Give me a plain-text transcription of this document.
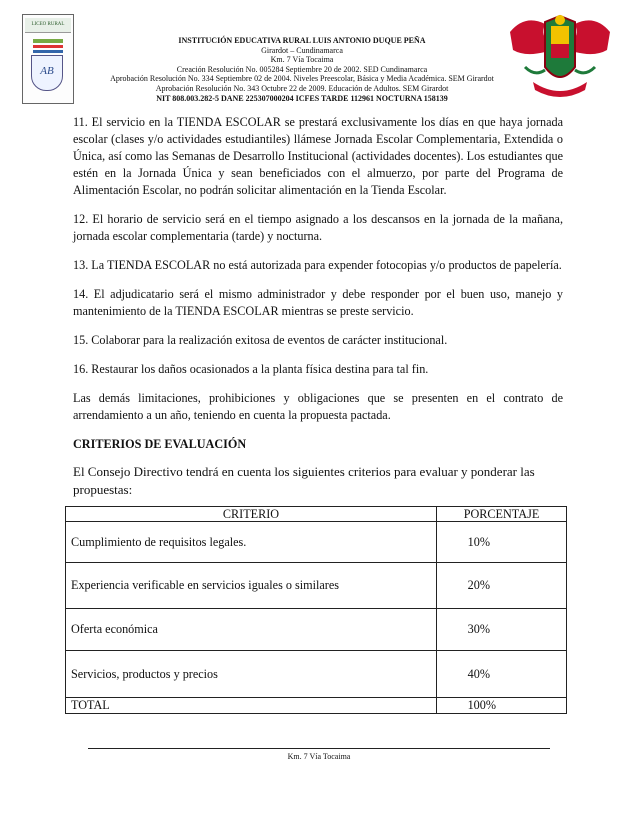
LICEO RURAL
AB
INSTITUCIÓN EDUCATIVA RURAL LUIS ANTONIO DUQUE PEÑA
Girardot – Cundinamarca
Km. 7 Vía Tocaima
Creación Resolución No. 005284 Septiembre 20 de 2002. SED Cundinamarca
Aprobación Resolución No. 334 Septiembre 02 de 2004. Niveles Preescolar, Básica y Media Académica. SEM Girardot
Aprobación Resolución No. 343 Octubre 22 de 2009. Educación de Adultos. SEM Girardot
NIT 808.003.282-5 DANE 225307000204 ICFES TARDE 112961 NOCTURNA 158139

11. El servicio en la TIENDA ESCOLAR se prestará exclusivamente los días en que haya jornada escolar (clases y/o actividades estudiantiles) llámese Jornada Escolar Complementaria, Extendida o Única, así como las Semanas de Desarrollo Institucional (actividades docentes). Los estudiantes que estén en la Jornada Única y sean beneficiados con el almuerzo, por parte del Programa de Alimentación Escolar, no podrán solicitar alimentación en la Tienda Escolar.

12. El horario de servicio será en el tiempo asignado a los descansos en la jornada de la mañana, jornada escolar complementaria (tarde) y nocturna.

13. La TIENDA ESCOLAR no está autorizada para expender fotocopias y/o productos de papelería.

14. El adjudicatario será el mismo administrador y debe responder por el buen uso, manejo y mantenimiento de la TIENDA ESCOLAR mientras se preste servicio.

15. Colaborar para la realización exitosa de eventos de carácter institucional.

16. Restaurar los daños ocasionados a la planta física destina para tal fin.

Las demás limitaciones, prohibiciones y obligaciones que se presenten en el contrato de arrendamiento a un año, teniendo en cuenta la propuesta pactada.

CRITERIOS DE EVALUACIÓN

El Consejo Directivo tendrá en cuenta los siguientes criterios para evaluar y ponderar las propuestas:

CRITERIO	PORCENTAJE
Cumplimiento de requisitos legales.	10%
Experiencia verificable en servicios iguales o similares	20%
Oferta económica	30%
Servicios, productos y precios	40%
TOTAL	100%
Km. 7 Vía Tocaima
